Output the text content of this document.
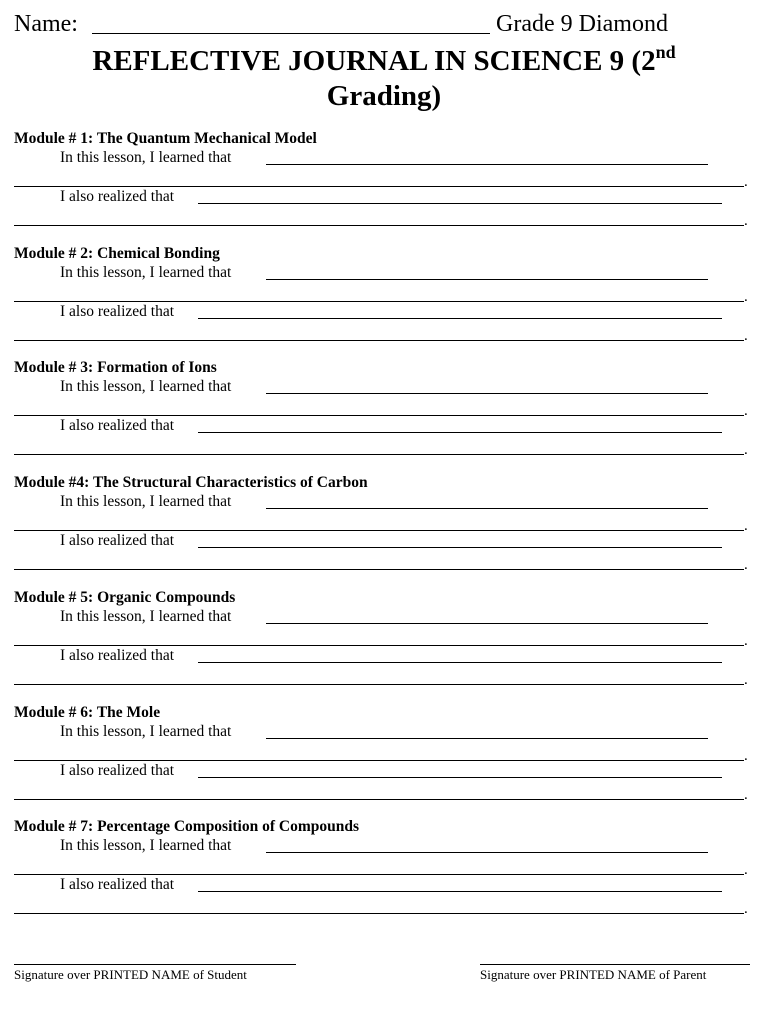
Name:	Grade 9 Diamond
REFLECTIVE JOURNAL IN SCIENCE 9 (2nd
Grading)
Module # 1: The Quantum Mechanical Model
In this lesson, I learned that
.
I also realized that
.
Module # 2: Chemical Bonding
In this lesson, I learned that
.
I also realized that
.
Module # 3: Formation of Ions
In this lesson, I learned that
.
I also realized that
.
Module #4: The Structural Characteristics of Carbon
In this lesson, I learned that
.
I also realized that
.
Module # 5: Organic Compounds
In this lesson, I learned that
.
I also realized that
.
Module # 6: The Mole
In this lesson, I learned that
.
I also realized that
.
Module # 7: Percentage Composition of Compounds
In this lesson, I learned that
.
I also realized that
.
Signature over PRINTED NAME of Student	Signature over PRINTED NAME of Parent
